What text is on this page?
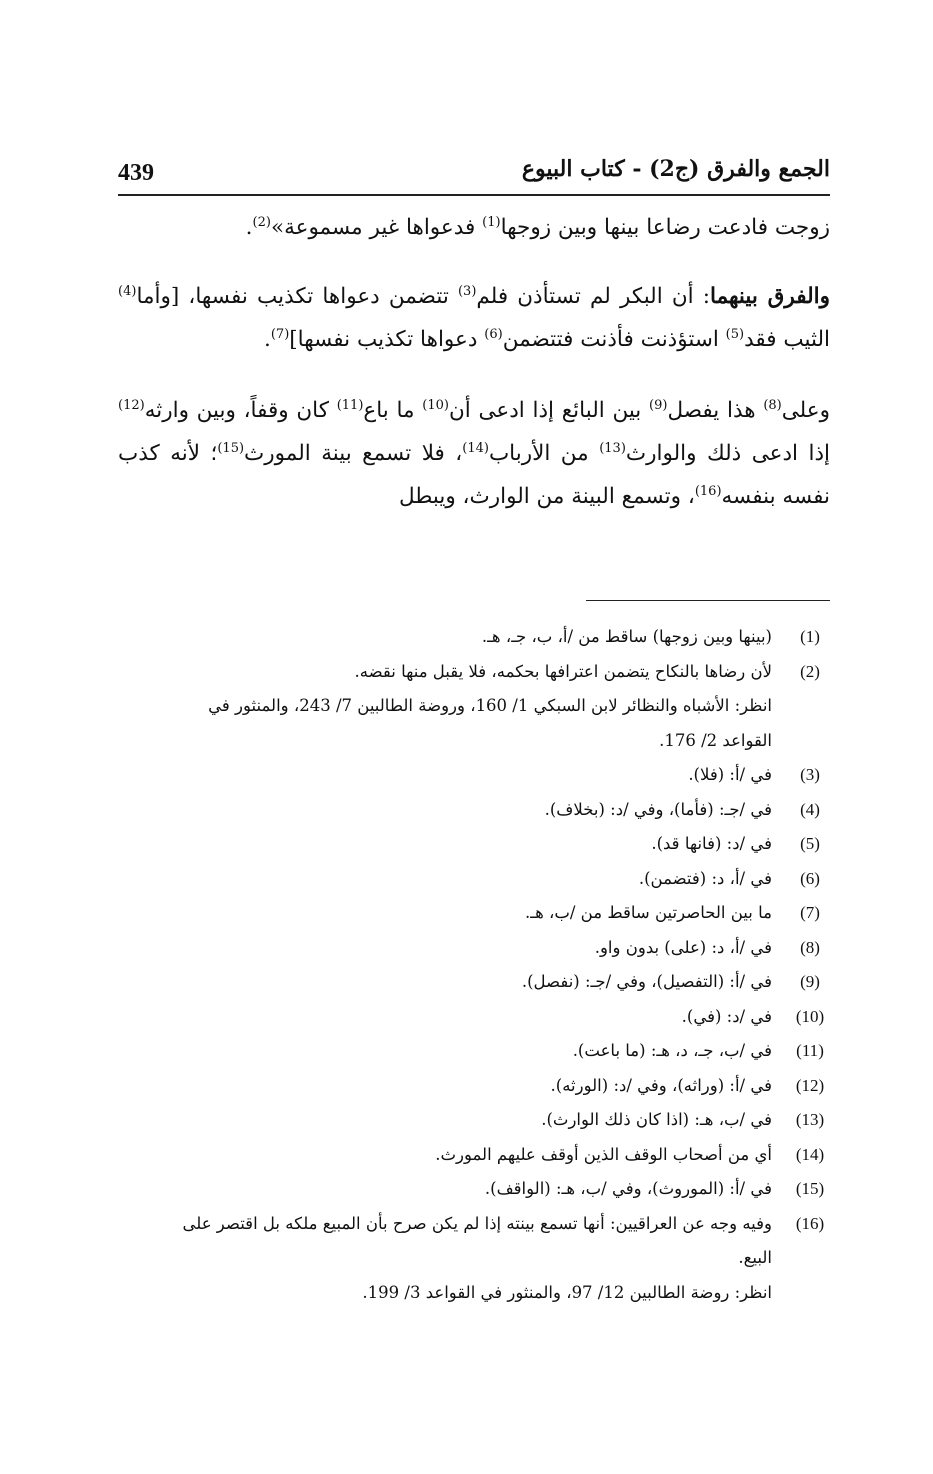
439	الجمع والفرق (ج2) - كتاب البيوع

زوجت فادعت رضاعا بينها وبين زوجها$^{(1)}$ فدعواها غير مسموعة»$^{(2)}$.

والفرق بينهما: أن البكر لم تستأذن فلم$^{(3)}$ تتضمن دعواها تكذيب نفسها، [وأما$^{(4)}$ الثيب فقد$^{(5)}$ استؤذنت فأذنت فتتضمن$^{(6)}$ دعواها تكذيب نفسها]$^{(7)}$.

وعلى$^{(8)}$ هذا يفصل$^{(9)}$ بين البائع إذا ادعى أن$^{(10)}$ ما باع$^{(11)}$ كان وقفاً، وبين وارثه$^{(12)}$ إذا ادعى ذلك والوارث$^{(13)}$ من الأرباب$^{(14)}$، فلا تسمع بينة المورث$^{(15)}$؛ لأنه كذب نفسه بنفسه$^{(16)}$، وتسمع البينة من الوارث، ويبطل

(1)
(بينها وبين زوجها) ساقط من /أ، ب، جـ، هـ.
(2)
لأن رضاها بالنكاح يتضمن اعترافها بحكمه، فلا يقبل منها نقضه.
انظر: الأشباه والنظائر لابن السبكي 1/ 160، وروضة الطالبين 7/ 243، والمنثور في
القواعد 2/ 176.
(3)
في /أ: (فلا).
(4)
في /جـ: (فأما)، وفي /د: (بخلاف).
(5)
في /د: (فانها قد).
(6)
في /أ، د: (فتضمن).
(7)
ما بين الحاصرتين ساقط من /ب، هـ.
(8)
في /أ، د: (على) بدون واو.
(9)
في /أ: (التفصيل)، وفي /جـ: (نفصل).
(10)
في /د: (في).
(11)
في /ب، جـ، د، هـ: (ما باعت).
(12)
في /أ: (وراثه)، وفي /د: (الورثه).
(13)
في /ب، هـ: (اذا كان ذلك الوارث).
(14)
أي من أصحاب الوقف الذين أوقف عليهم المورث.
(15)
في /أ: (الموروث)، وفي /ب، هـ: (الواقف).
(16)
وفيه وجه عن العراقيين: أنها تسمع بينته إذا لم يكن صرح بأن المبيع ملكه بل اقتصر على
البيع.
انظر: روضة الطالبين 12/ 97، والمنثور في القواعد 3/ 199.
